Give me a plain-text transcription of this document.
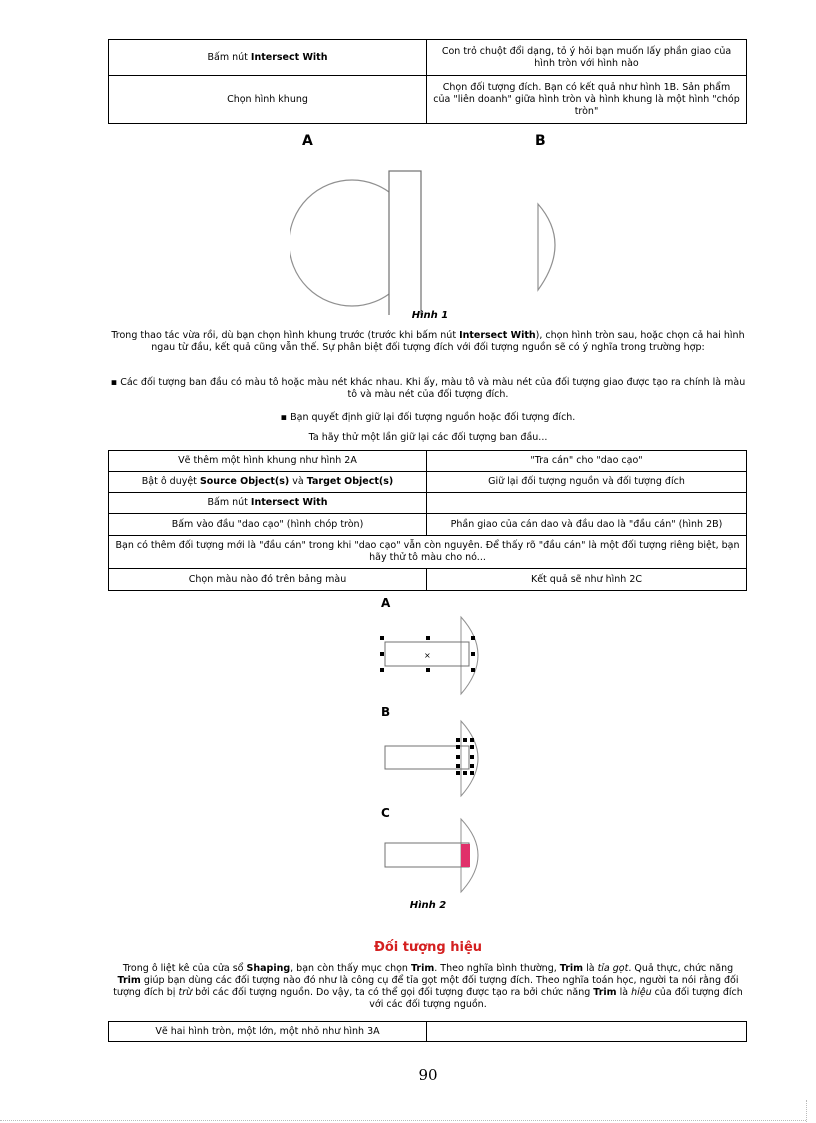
Bấm nút Intersect With	Con trỏ chuột đổi dạng, tỏ ý hỏi bạn muốn lấy phần giao của hình tròn với hình nào
Chọn hình khung	Chọn đối tượng đích. Bạn có kết quả như hình 1B. Sản phẩm của "liên doanh" giữa hình tròn và hình khung là một hình "chóp tròn"
A	B
Hình 1
Trong thao tác vừa rồi, dù bạn chọn hình khung trước (trước khi bấm nút Intersect With), chọn hình tròn sau, hoặc chọn cả hai hình ngau từ đầu, kết quả cũng vẫn thế. Sự phân biệt đối tượng đích với đối tượng nguồn sẽ có ý nghĩa trong trường hợp:
▪ Các đối tượng ban đầu có màu tô hoặc màu nét khác nhau. Khi ấy, màu tô và màu nét của đối tượng giao được tạo ra chính là màu tô và màu nét của đối tượng đích.
▪ Bạn quyết định giữ lại đối tượng nguồn hoặc đối tượng đích.
Ta hãy thử một lần giữ lại các đối tượng ban đầu...
Vẽ thêm một hình khung như hình 2A	"Tra cán" cho "dao cạo"
Bật ô duyệt Source Object(s) và Target Object(s)	Giữ lại đối tượng nguồn và đối tượng đích
Bấm nút Intersect With	
Bấm vào đầu "dao cạo" (hình chóp tròn)	Phần giao của cán dao và đầu dao là "đầu cán" (hình 2B)
Bạn có thêm đối tượng mới là "đầu cán" trong khi "dao cạo" vẫn còn nguyên. Để thấy rõ "đầu cán" là một đối tượng riêng biệt, bạn hãy thử tô màu cho nó...	
Chọn màu nào đó trên bảng màu	Kết quả sẽ như hình 2C
A
B
C
×
Hình 2
Đối tượng hiệu
Trong ô liệt kê của cửa sổ Shaping, bạn còn thấy mục chọn Trim. Theo nghĩa bình thường, Trim là tỉa gọt. Quả thực, chức năng Trim giúp bạn dùng các đối tượng nào đó như là công cụ để tỉa gọt một đối tượng đích. Theo nghĩa toán học, người ta nói rằng đối tượng đích bị trừ bởi các đối tượng nguồn. Do vậy, ta có thể gọi đối tượng được tạo ra bởi chức năng Trim là hiệu của đối tượng đích với các đối tượng nguồn.
Vẽ hai hình tròn, một lớn, một nhỏ như hình 3A	
90
